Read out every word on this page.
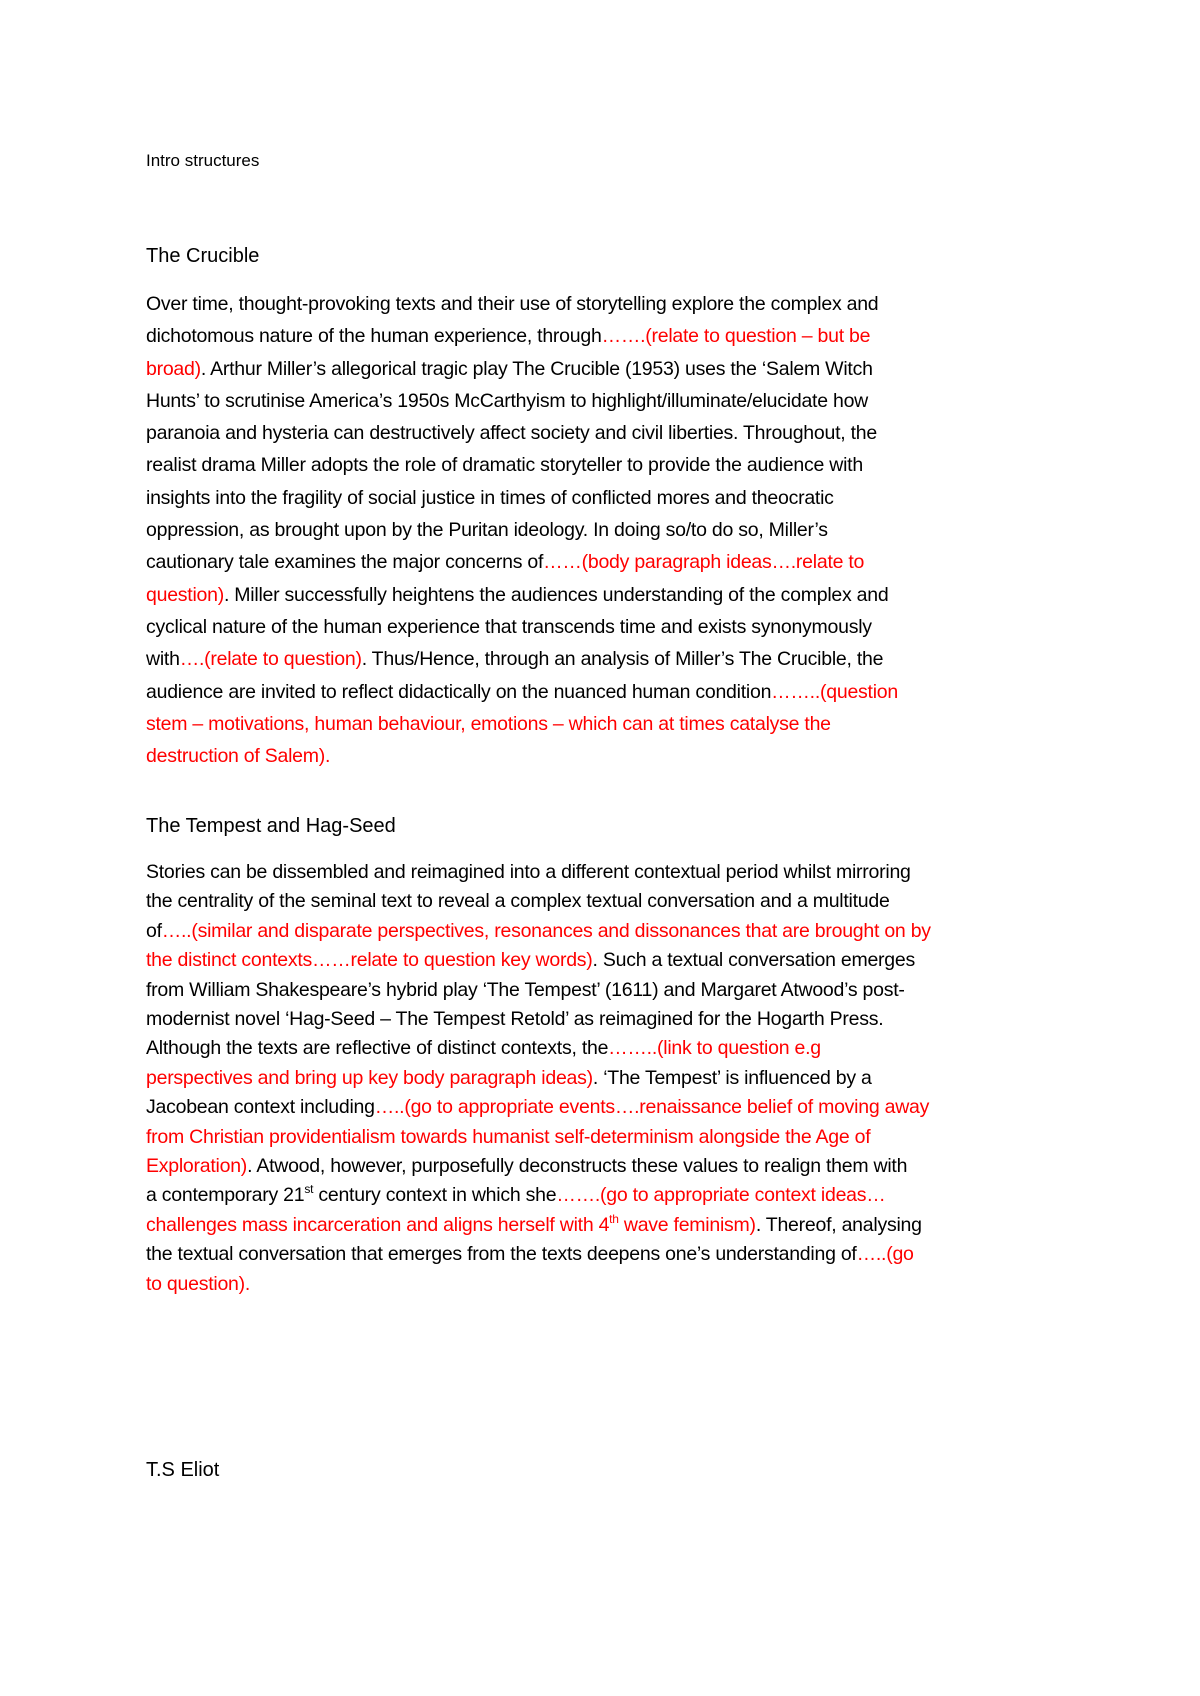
Intro structures
The Crucible

Over time, thought-provoking texts and their use of storytelling explore the complex and
dichotomous nature of the human experience, through…….(relate to question – but be
broad). Arthur Miller’s allegorical tragic play The Crucible (1953) uses the ‘Salem Witch
Hunts’ to scrutinise America’s 1950s McCarthyism to highlight/illuminate/elucidate how
paranoia and hysteria can destructively affect society and civil liberties. Throughout, the
realist drama Miller adopts the role of dramatic storyteller to provide the audience with
insights into the fragility of social justice in times of conflicted mores and theocratic
oppression, as brought upon by the Puritan ideology. In doing so/to do so, Miller’s
cautionary tale examines the major concerns of……(body paragraph ideas….relate to
question). Miller successfully heightens the audiences understanding of the complex and
cyclical nature of the human experience that transcends time and exists synonymously
with….(relate to question). Thus/Hence, through an analysis of Miller’s The Crucible, the
audience are invited to reflect didactically on the nuanced human condition……..(question
stem – motivations, human behaviour, emotions – which can at times catalyse the
destruction of Salem).

The Tempest and Hag-Seed

Stories can be dissembled and reimagined into a different contextual period whilst mirroring
the centrality of the seminal text to reveal a complex textual conversation and a multitude
of…..(similar and disparate perspectives, resonances and dissonances that are brought on by
the distinct contexts……relate to question key words). Such a textual conversation emerges
from William Shakespeare’s hybrid play ‘The Tempest’ (1611) and Margaret Atwood’s post-
modernist novel ‘Hag-Seed – The Tempest Retold’ as reimagined for the Hogarth Press.
Although the texts are reflective of distinct contexts, the……..(link to question e.g
perspectives and bring up key body paragraph ideas). ‘The Tempest’ is influenced by a
Jacobean context including…..(go to appropriate events….renaissance belief of moving away
from Christian providentialism towards humanist self-determinism alongside the Age of
Exploration). Atwood, however, purposefully deconstructs these values to realign them with
a contemporary 21st century context in which she…….(go to appropriate context ideas…
challenges mass incarceration and aligns herself with 4th wave feminism). Thereof, analysing
the textual conversation that emerges from the texts deepens one’s understanding of…..(go
to question).

T.S Eliot
